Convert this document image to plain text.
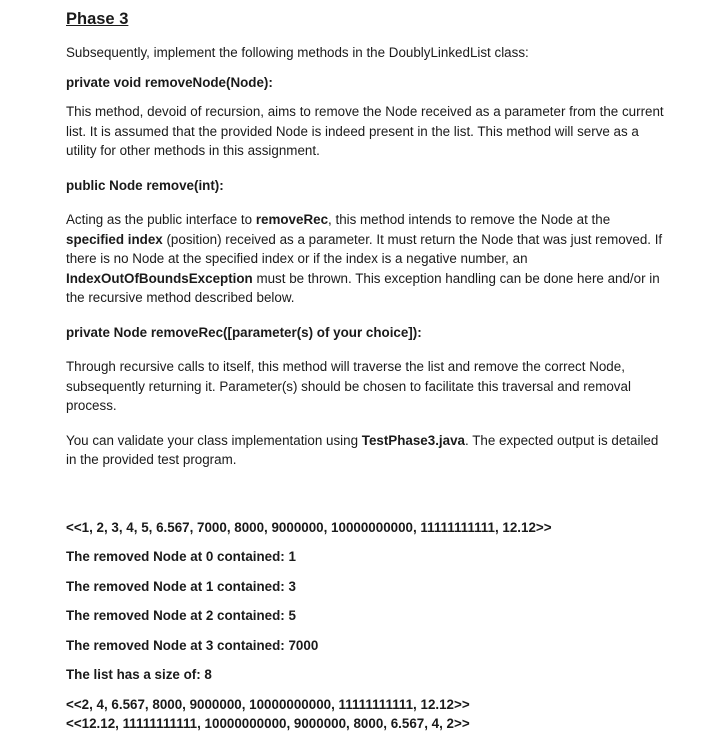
Phase 3

Subsequently, implement the following methods in the DoublyLinkedList class:

private void removeNode(Node):

This method, devoid of recursion, aims to remove the Node received as a parameter from the current list. It is assumed that the provided Node is indeed present in the list. This method will serve as a utility for other methods in this assignment.

public Node remove(int):

Acting as the public interface to removeRec, this method intends to remove the Node at the specified index (position) received as a parameter. It must return the Node that was just removed. If there is no Node at the specified index or if the index is a negative number, an IndexOutOfBoundsException must be thrown. This exception handling can be done here and/or in the recursive method described below.

private Node removeRec([parameter(s) of your choice]):

Through recursive calls to itself, this method will traverse the list and remove the correct Node, subsequently returning it. Parameter(s) should be chosen to facilitate this traversal and removal process.

You can validate your class implementation using TestPhase3.java. The expected output is detailed in the provided test program.

<<1, 2, 3, 4, 5, 6.567, 7000, 8000, 9000000, 10000000000, 11111111111, 12.12>>

The removed Node at 0 contained: 1

The removed Node at 1 contained: 3

The removed Node at 2 contained: 5

The removed Node at 3 contained: 7000

The list has a size of: 8

<<2, 4, 6.567, 8000, 9000000, 10000000000, 11111111111, 12.12>>

<<12.12, 11111111111, 10000000000, 9000000, 8000, 6.567, 4, 2>>
